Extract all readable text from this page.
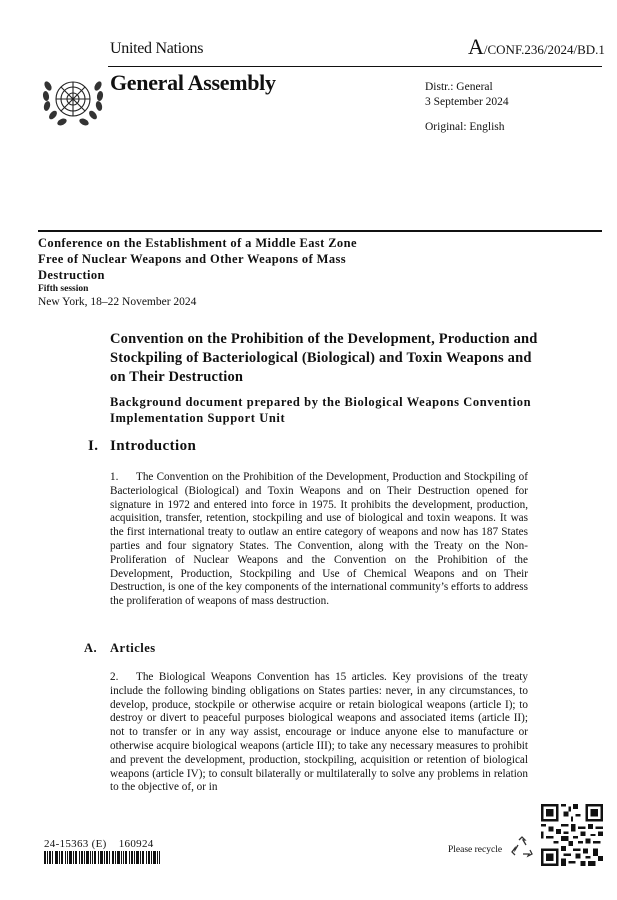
United Nations	A/CONF.236/2024/BD.1
General Assembly	Distr.: General
3 September 2024
Original: English
Conference on the Establishment of a Middle East Zone Free of Nuclear Weapons and Other Weapons of Mass Destruction
Fifth session
New York, 18–22 November 2024
Convention on the Prohibition of the Development, Production and Stockpiling of Bacteriological (Biological) and Toxin Weapons and on Their Destruction
Background document prepared by the Biological Weapons Convention Implementation Support Unit
I. Introduction
1. The Convention on the Prohibition of the Development, Production and Stockpiling of Bacteriological (Biological) and Toxin Weapons and on Their Destruction opened for signature in 1972 and entered into force in 1975. It prohibits the development, production, acquisition, transfer, retention, stockpiling and use of biological and toxin weapons. It was the first international treaty to outlaw an entire category of weapons and now has 187 States parties and four signatory States. The Convention, along with the Treaty on the Non-Proliferation of Nuclear Weapons and the Convention on the Prohibition of the Development, Production, Stockpiling and Use of Chemical Weapons and on Their Destruction, is one of the key components of the international community’s efforts to address the proliferation of weapons of mass destruction.
A. Articles
2. The Biological Weapons Convention has 15 articles. Key provisions of the treaty include the following binding obligations on States parties: never, in any circumstances, to develop, produce, stockpile or otherwise acquire or retain biological weapons (article I); to destroy or divert to peaceful purposes biological weapons and associated items (article II); not to transfer or in any way assist, encourage or induce anyone else to manufacture or otherwise acquire biological weapons (article III); to take any necessary measures to prohibit and prevent the development, production, stockpiling, acquisition or retention of biological weapons (article IV); to consult bilaterally or multilaterally to solve any problems in relation to the objective of, or in
24-15363 (E)    160924	Please recycle
